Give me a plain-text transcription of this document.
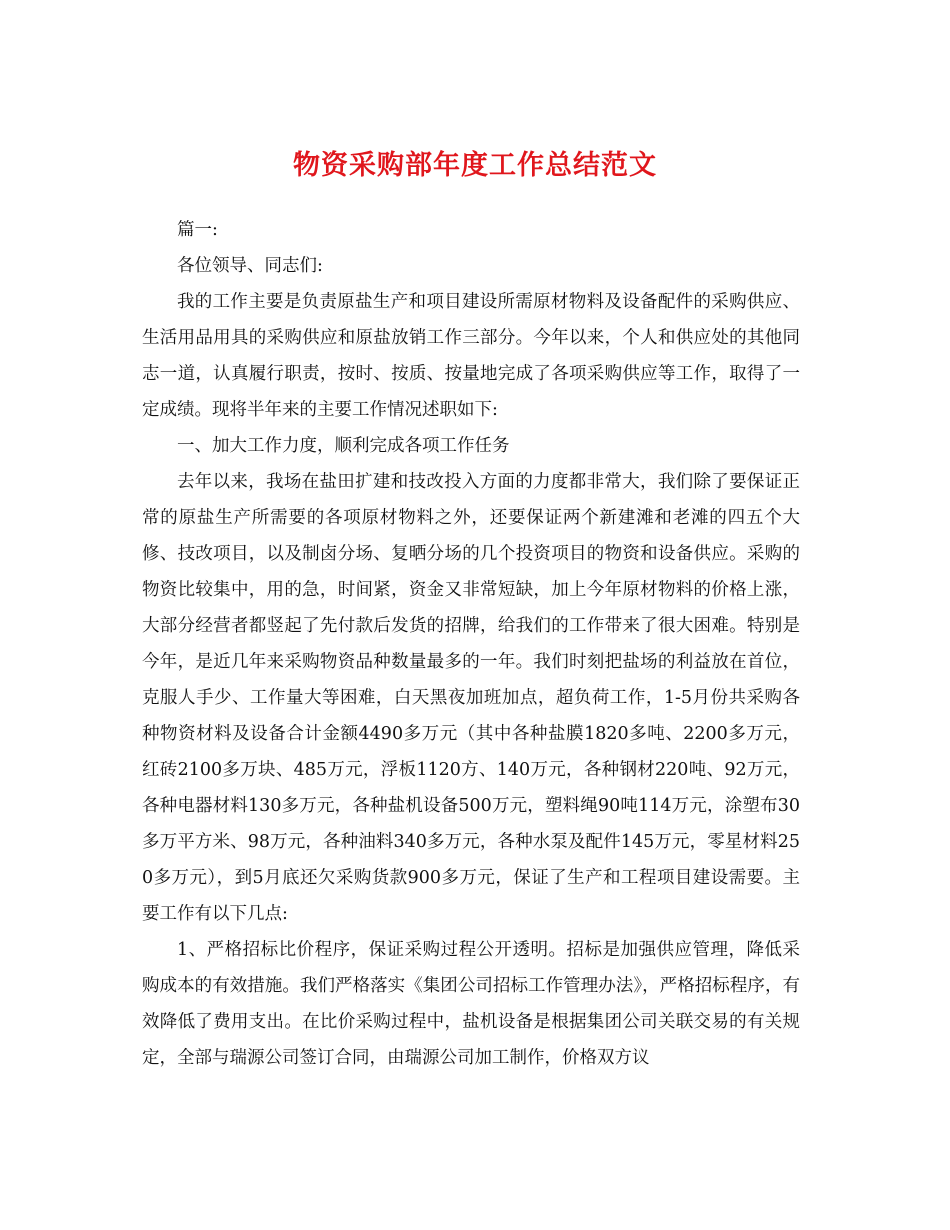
物资采购部年度工作总结范文

篇一:

各位领导、同志们:

我的工作主要是负责原盐生产和项目建设所需原材物料及设备配件的采购供应、生活用品用具的采购供应和原盐放销工作三部分。今年以来，个人和供应处的其他同志一道，认真履行职责，按时、按质、按量地完成了各项采购供应等工作，取得了一定成绩。现将半年来的主要工作情况述职如下:

一、加大工作力度，顺利完成各项工作任务

去年以来，我场在盐田扩建和技改投入方面的力度都非常大，我们除了要保证正常的原盐生产所需要的各项原材物料之外，还要保证两个新建滩和老滩的四五个大修、技改项目，以及制卤分场、复晒分场的几个投资项目的物资和设备供应。采购的物资比较集中，用的急，时间紧，资金又非常短缺，加上今年原材物料的价格上涨，大部分经营者都竖起了先付款后发货的招牌，给我们的工作带来了很大困难。特别是今年，是近几年来采购物资品种数量最多的一年。我们时刻把盐场的利益放在首位，克服人手少、工作量大等困难，白天黑夜加班加点，超负荷工作，1-5月份共采购各种物资材料及设备合计金额4490多万元（其中各种盐膜1820多吨、2200多万元，红砖2100多万块、485万元，浮板1120方、140万元，各种钢材220吨、92万元，各种电器材料130多万元，各种盐机设备500万元，塑料绳90吨114万元，涂塑布30多万平方米、98万元，各种油料340多万元，各种水泵及配件145万元，零星材料250多万元），到5月底还欠采购货款900多万元，保证了生产和工程项目建设需要。主要工作有以下几点:

1、严格招标比价程序，保证采购过程公开透明。招标是加强供应管理，降低采购成本的有效措施。我们严格落实《集团公司招标工作管理办法》，严格招标程序，有效降低了费用支出。在比价采购过程中，盐机设备是根据集团公司关联交易的有关规定，全部与瑞源公司签订合同，由瑞源公司加工制作，价格双方议
